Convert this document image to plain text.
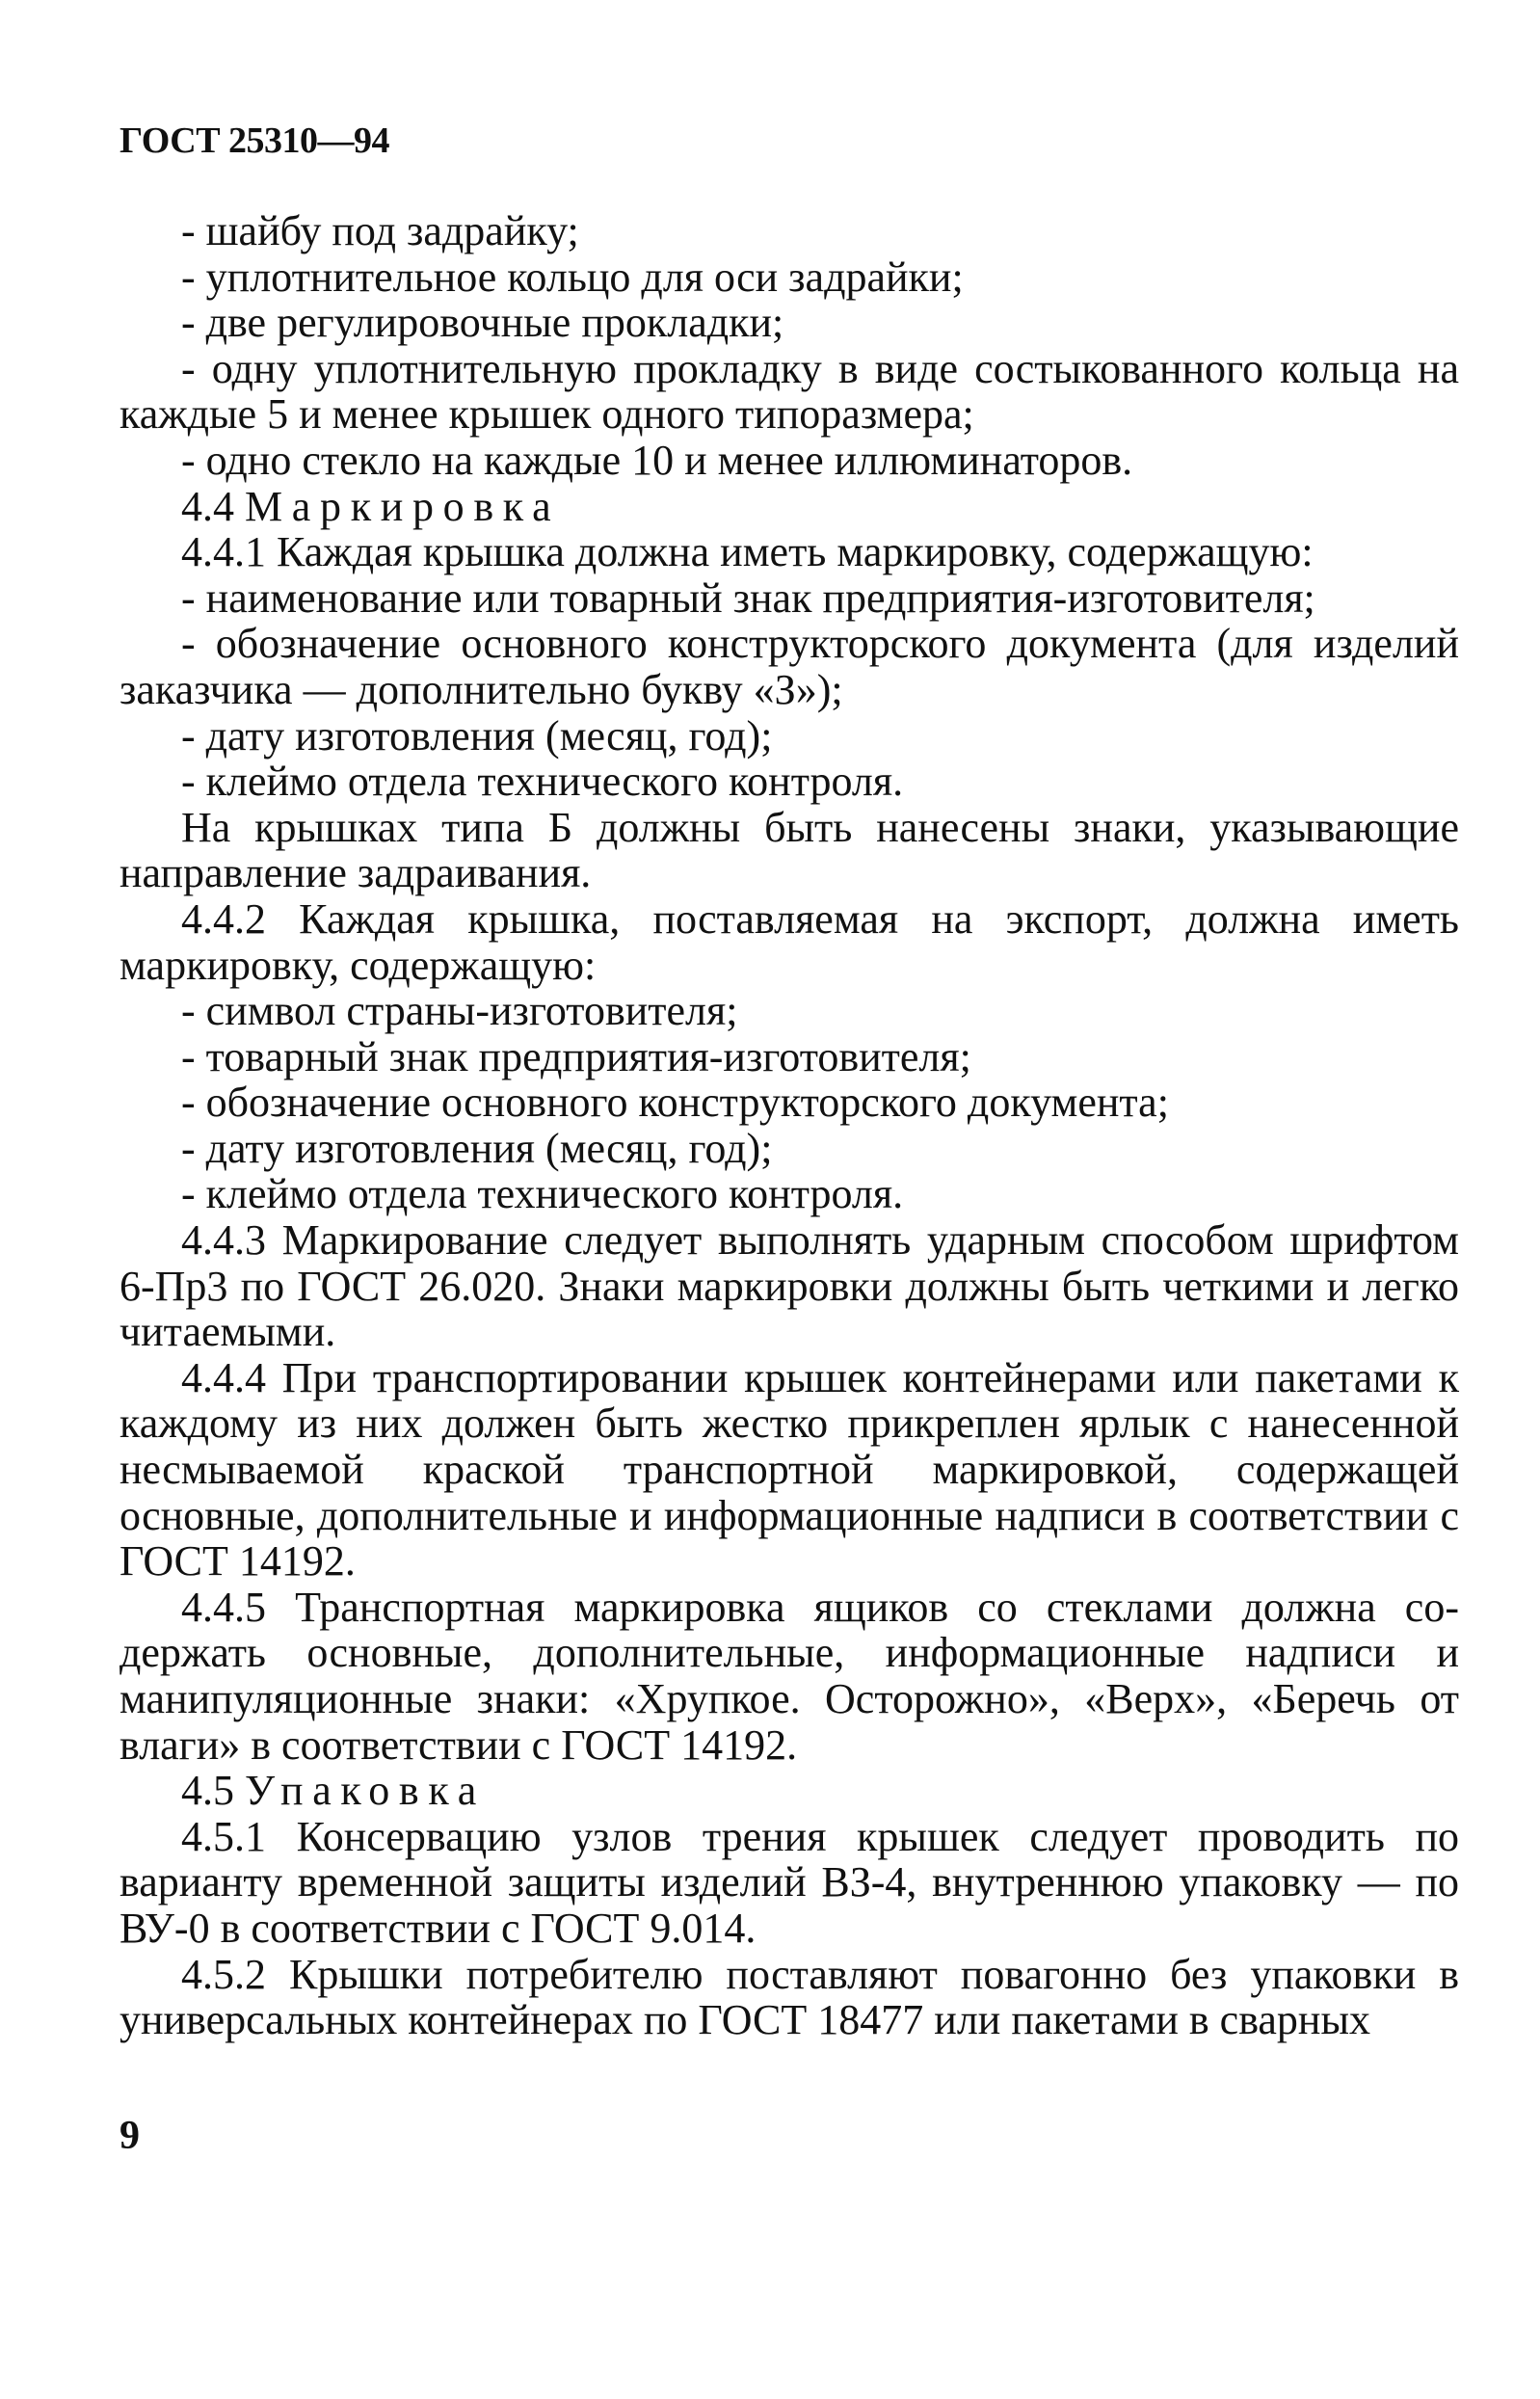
ГОСТ 25310—94

- шайбу под задрайку;

- уплотнительное кольцо для оси задрайки;

- две регулировочные прокладки;

- одну уплотнительную прокладку в виде состыкованного кольца на каждые 5 и менее крышек одного типоразмера;

- одно стекло на каждые 10 и менее иллюминаторов.

4.4 Маркировка

4.4.1 Каждая крышка должна иметь маркировку, содержащую:

- наименование или товарный знак предприятия-изготовителя;

- обозначение основного конструкторского документа (для изделий заказчика — дополнительно букву «З»);

- дату изготовления (месяц, год);

- клеймо отдела технического контроля.

На крышках типа Б должны быть нанесены знаки, указывающие направление задраивания.

4.4.2 Каждая крышка, поставляемая на экспорт, должна иметь маркировку, содержащую:

- символ страны-изготовителя;

- товарный знак предприятия-изготовителя;

- обозначение основного конструкторского документа;

- дату изготовления (месяц, год);

- клеймо отдела технического контроля.

4.4.3 Маркирование следует выполнять ударным способом шрифтом 6-Пр3 по ГОСТ 26.020. Знаки маркировки должны быть четкими и легко читаемыми.

4.4.4 При транспортировании крышек контейнерами или пакетами к каждому из них должен быть жестко прикреплен ярлык с нанесенной несмываемой краской транспортной маркировкой, содержащей основные, дополнительные и информационные надписи в соответствии с ГОСТ 14192.

4.4.5 Транспортная маркировка ящиков со стеклами должна содержать основные, дополнительные, информационные надписи и манипуляционные знаки: «Хрупкое. Осторожно», «Верх», «Беречь от влаги» в соответствии с ГОСТ 14192.

4.5 Упаковка

4.5.1 Консервацию узлов трения крышек следует проводить по варианту временной защиты изделий ВЗ-4, внутреннюю упаковку — по ВУ-0 в соответствии с ГОСТ 9.014.

4.5.2 Крышки потребителю поставляют повагонно без упаковки в универсальных контейнерах по ГОСТ 18477 или пакетами в сварных

9
